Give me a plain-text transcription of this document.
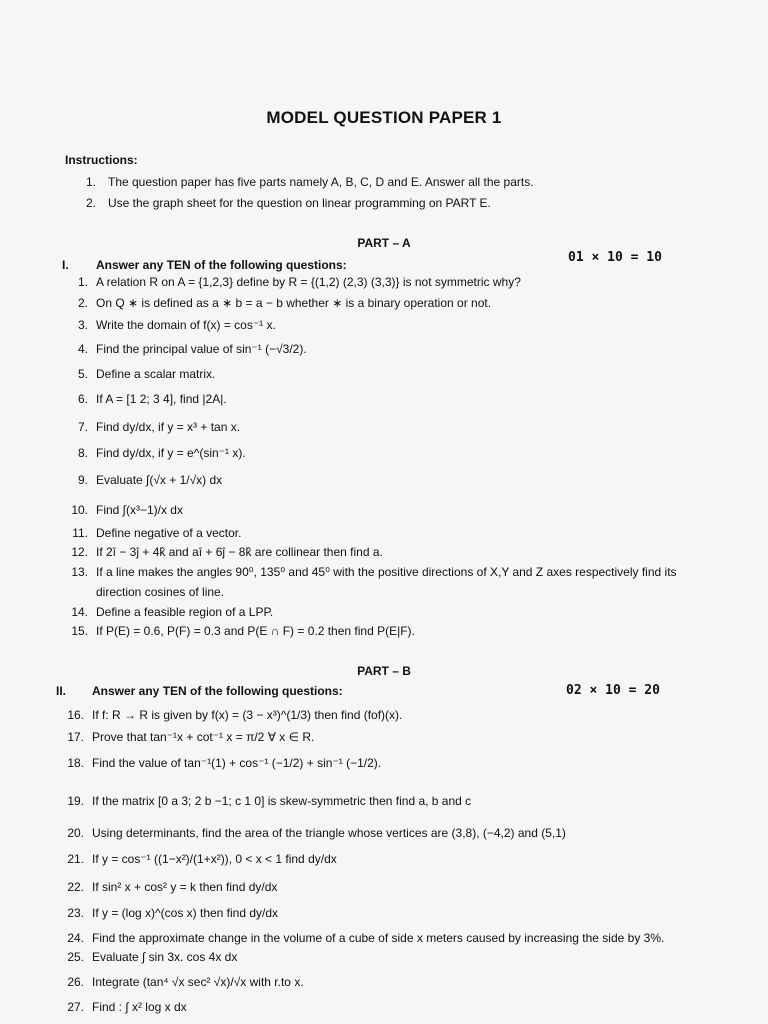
MODEL QUESTION PAPER 1
Instructions:
1. The question paper has five parts namely A, B, C, D and E. Answer all the parts.
2. Use the graph sheet for the question on linear programming on PART E.
PART – A
I. Answer any TEN of the following questions:	01 × 10 = 10
1. A relation R on A = {1,2,3} define by R = {(1,2) (2,3) (3,3)} is not symmetric why?
2. On Q ∗ is defined as a ∗ b = a − b whether ∗ is a binary operation or not.
3. Write the domain of f(x) = cos⁻¹ x.
4. Find the principal value of sin⁻¹ (−√3/2).
5. Define a scalar matrix.
6. If A = [1 2; 3 4], find |2A|.
7. Find dy/dx, if y = x³ + tan x.
8. Find dy/dx, if y = e^(sin⁻¹ x).
9. Evaluate ∫(√x + 1/√x) dx
10. Find ∫(x³−1)/x dx
11. Define negative of a vector.
12. If 2î − 3ĵ + 4k̂ and aî + 6ĵ − 8k̂ are collinear then find a.
13. If a line makes the angles 90⁰, 135⁰ and 45⁰ with the positive directions of X,Y and Z axes respectively find its
direction cosines of line.
14. Define a feasible region of a LPP.
15. If P(E) = 0.6, P(F) = 0.3 and P(E ∩ F) = 0.2 then find P(E|F).
PART – B
II. Answer any TEN of the following questions:	02 × 10 = 20
16. If f: R → R is given by f(x) = (3 − x³)^(1/3) then find (fof)(x).
17. Prove that tan⁻¹x + cot⁻¹ x = π/2 ∀ x ∈ R.
18. Find the value of tan⁻¹(1) + cos⁻¹ (−1/2) + sin⁻¹ (−1/2).
19. If the matrix [0 a 3; 2 b −1; c 1 0] is skew-symmetric then find a, b and c
20. Using determinants, find the area of the triangle whose vertices are (3,8), (−4,2) and (5,1)
21. If y = cos⁻¹ ((1−x²)/(1+x²)), 0 < x < 1 find dy/dx
22. If sin² x + cos² y = k then find dy/dx
23. If y = (log x)^(cos x) then find dy/dx
24. Find the approximate change in the volume of a cube of side x meters caused by increasing the side by 3%.
25. Evaluate ∫ sin 3x. cos 4x dx
26. Integrate (tan⁴ √x sec² √x)/√x with r.to x.
27. Find : ∫ x² log x dx
